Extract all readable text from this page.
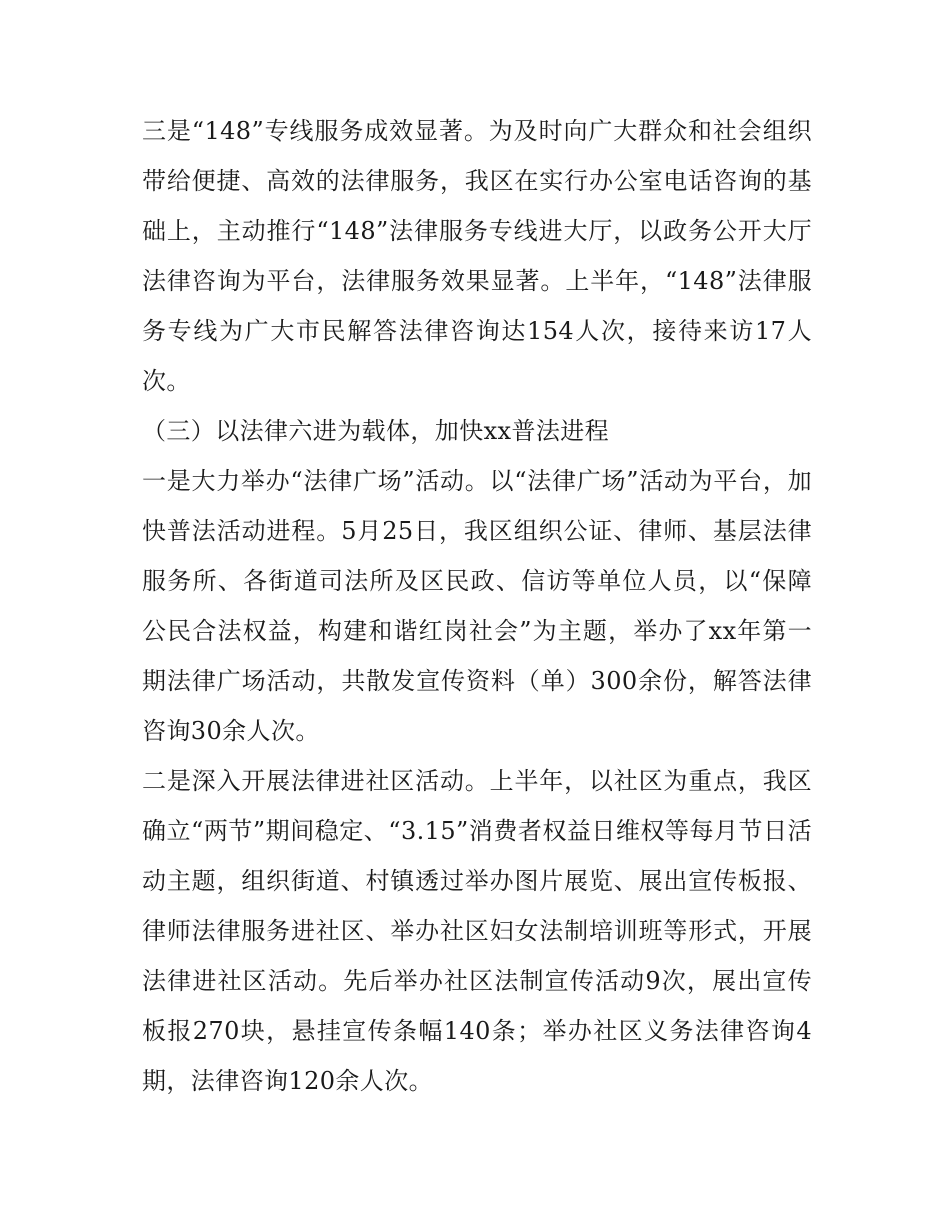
三是“148”专线服务成效显著。为及时向广大群众和社会组织带给便捷、高效的法律服务，我区在实行办公室电话咨询的基础上，主动推行“148”法律服务专线进大厅，以政务公开大厅法律咨询为平台，法律服务效果显著。上半年，“148”法律服务专线为广大市民解答法律咨询达154人次，接待来访17人次。

（三）以法律六进为载体，加快xx普法进程

一是大力举办“法律广场”活动。以“法律广场”活动为平台，加快普法活动进程。5月25日，我区组织公证、律师、基层法律服务所、各街道司法所及区民政、信访等单位人员，以“保障公民合法权益，构建和谐红岗社会”为主题，举办了xx年第一期法律广场活动，共散发宣传资料（单）300余份，解答法律咨询30余人次。

二是深入开展法律进社区活动。上半年，以社区为重点，我区确立“两节”期间稳定、“3.15”消费者权益日维权等每月节日活动主题，组织街道、村镇透过举办图片展览、展出宣传板报、律师法律服务进社区、举办社区妇女法制培训班等形式，开展法律进社区活动。先后举办社区法制宣传活动9次，展出宣传板报270块，悬挂宣传条幅140条；举办社区义务法律咨询4期，法律咨询120余人次。
